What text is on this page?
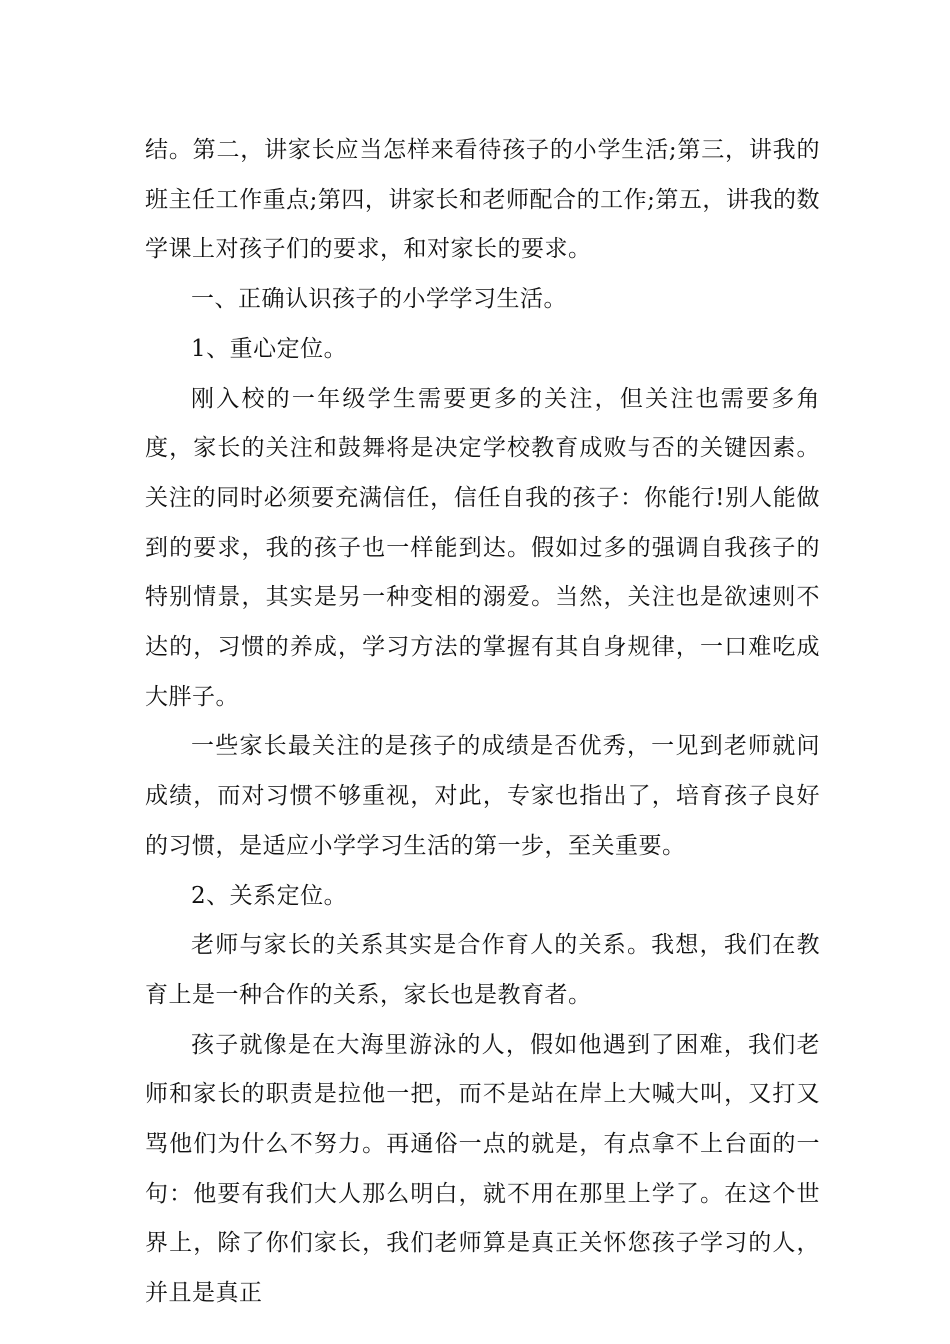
结。第二，讲家长应当怎样来看待孩子的小学生活;第三，讲我的班主任工作重点;第四，讲家长和老师配合的工作;第五，讲我的数学课上对孩子们的要求，和对家长的要求。

一、正确认识孩子的小学学习生活。

1、重心定位。

刚入校的一年级学生需要更多的关注，但关注也需要多角度，家长的关注和鼓舞将是决定学校教育成败与否的关键因素。关注的同时必须要充满信任，信任自我的孩子：你能行!别人能做到的要求，我的孩子也一样能到达。假如过多的强调自我孩子的特别情景，其实是另一种变相的溺爱。当然，关注也是欲速则不达的，习惯的养成，学习方法的掌握有其自身规律，一口难吃成大胖子。

一些家长最关注的是孩子的成绩是否优秀，一见到老师就问成绩，而对习惯不够重视，对此，专家也指出了，培育孩子良好的习惯，是适应小学学习生活的第一步，至关重要。

2、关系定位。

老师与家长的关系其实是合作育人的关系。我想，我们在教育上是一种合作的关系，家长也是教育者。

孩子就像是在大海里游泳的人，假如他遇到了困难，我们老师和家长的职责是拉他一把，而不是站在岸上大喊大叫，又打又骂他们为什么不努力。再通俗一点的就是，有点拿不上台面的一句：他要有我们大人那么明白，就不用在那里上学了。在这个世界上，除了你们家长，我们老师算是真正关怀您孩子学习的人，并且是真正
